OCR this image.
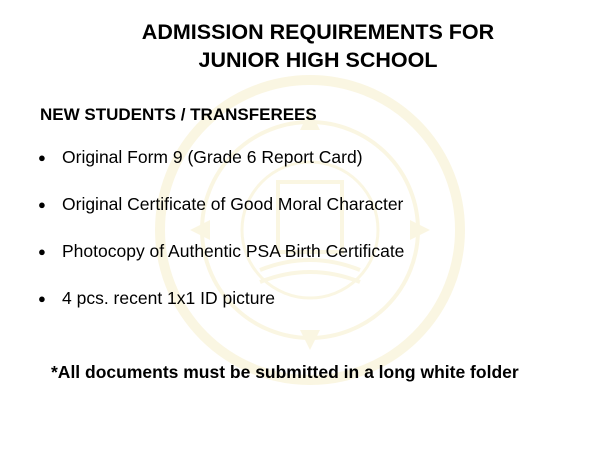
ADMISSION REQUIREMENTS FOR
JUNIOR HIGH SCHOOL
NEW STUDENTS / TRANSFEREES
● Original Form 9 (Grade 6 Report Card)
● Original Certificate of Good Moral Character
● Photocopy of Authentic PSA Birth Certificate
● 4 pcs. recent 1x1 ID picture

*All documents must be submitted in a long white folder
